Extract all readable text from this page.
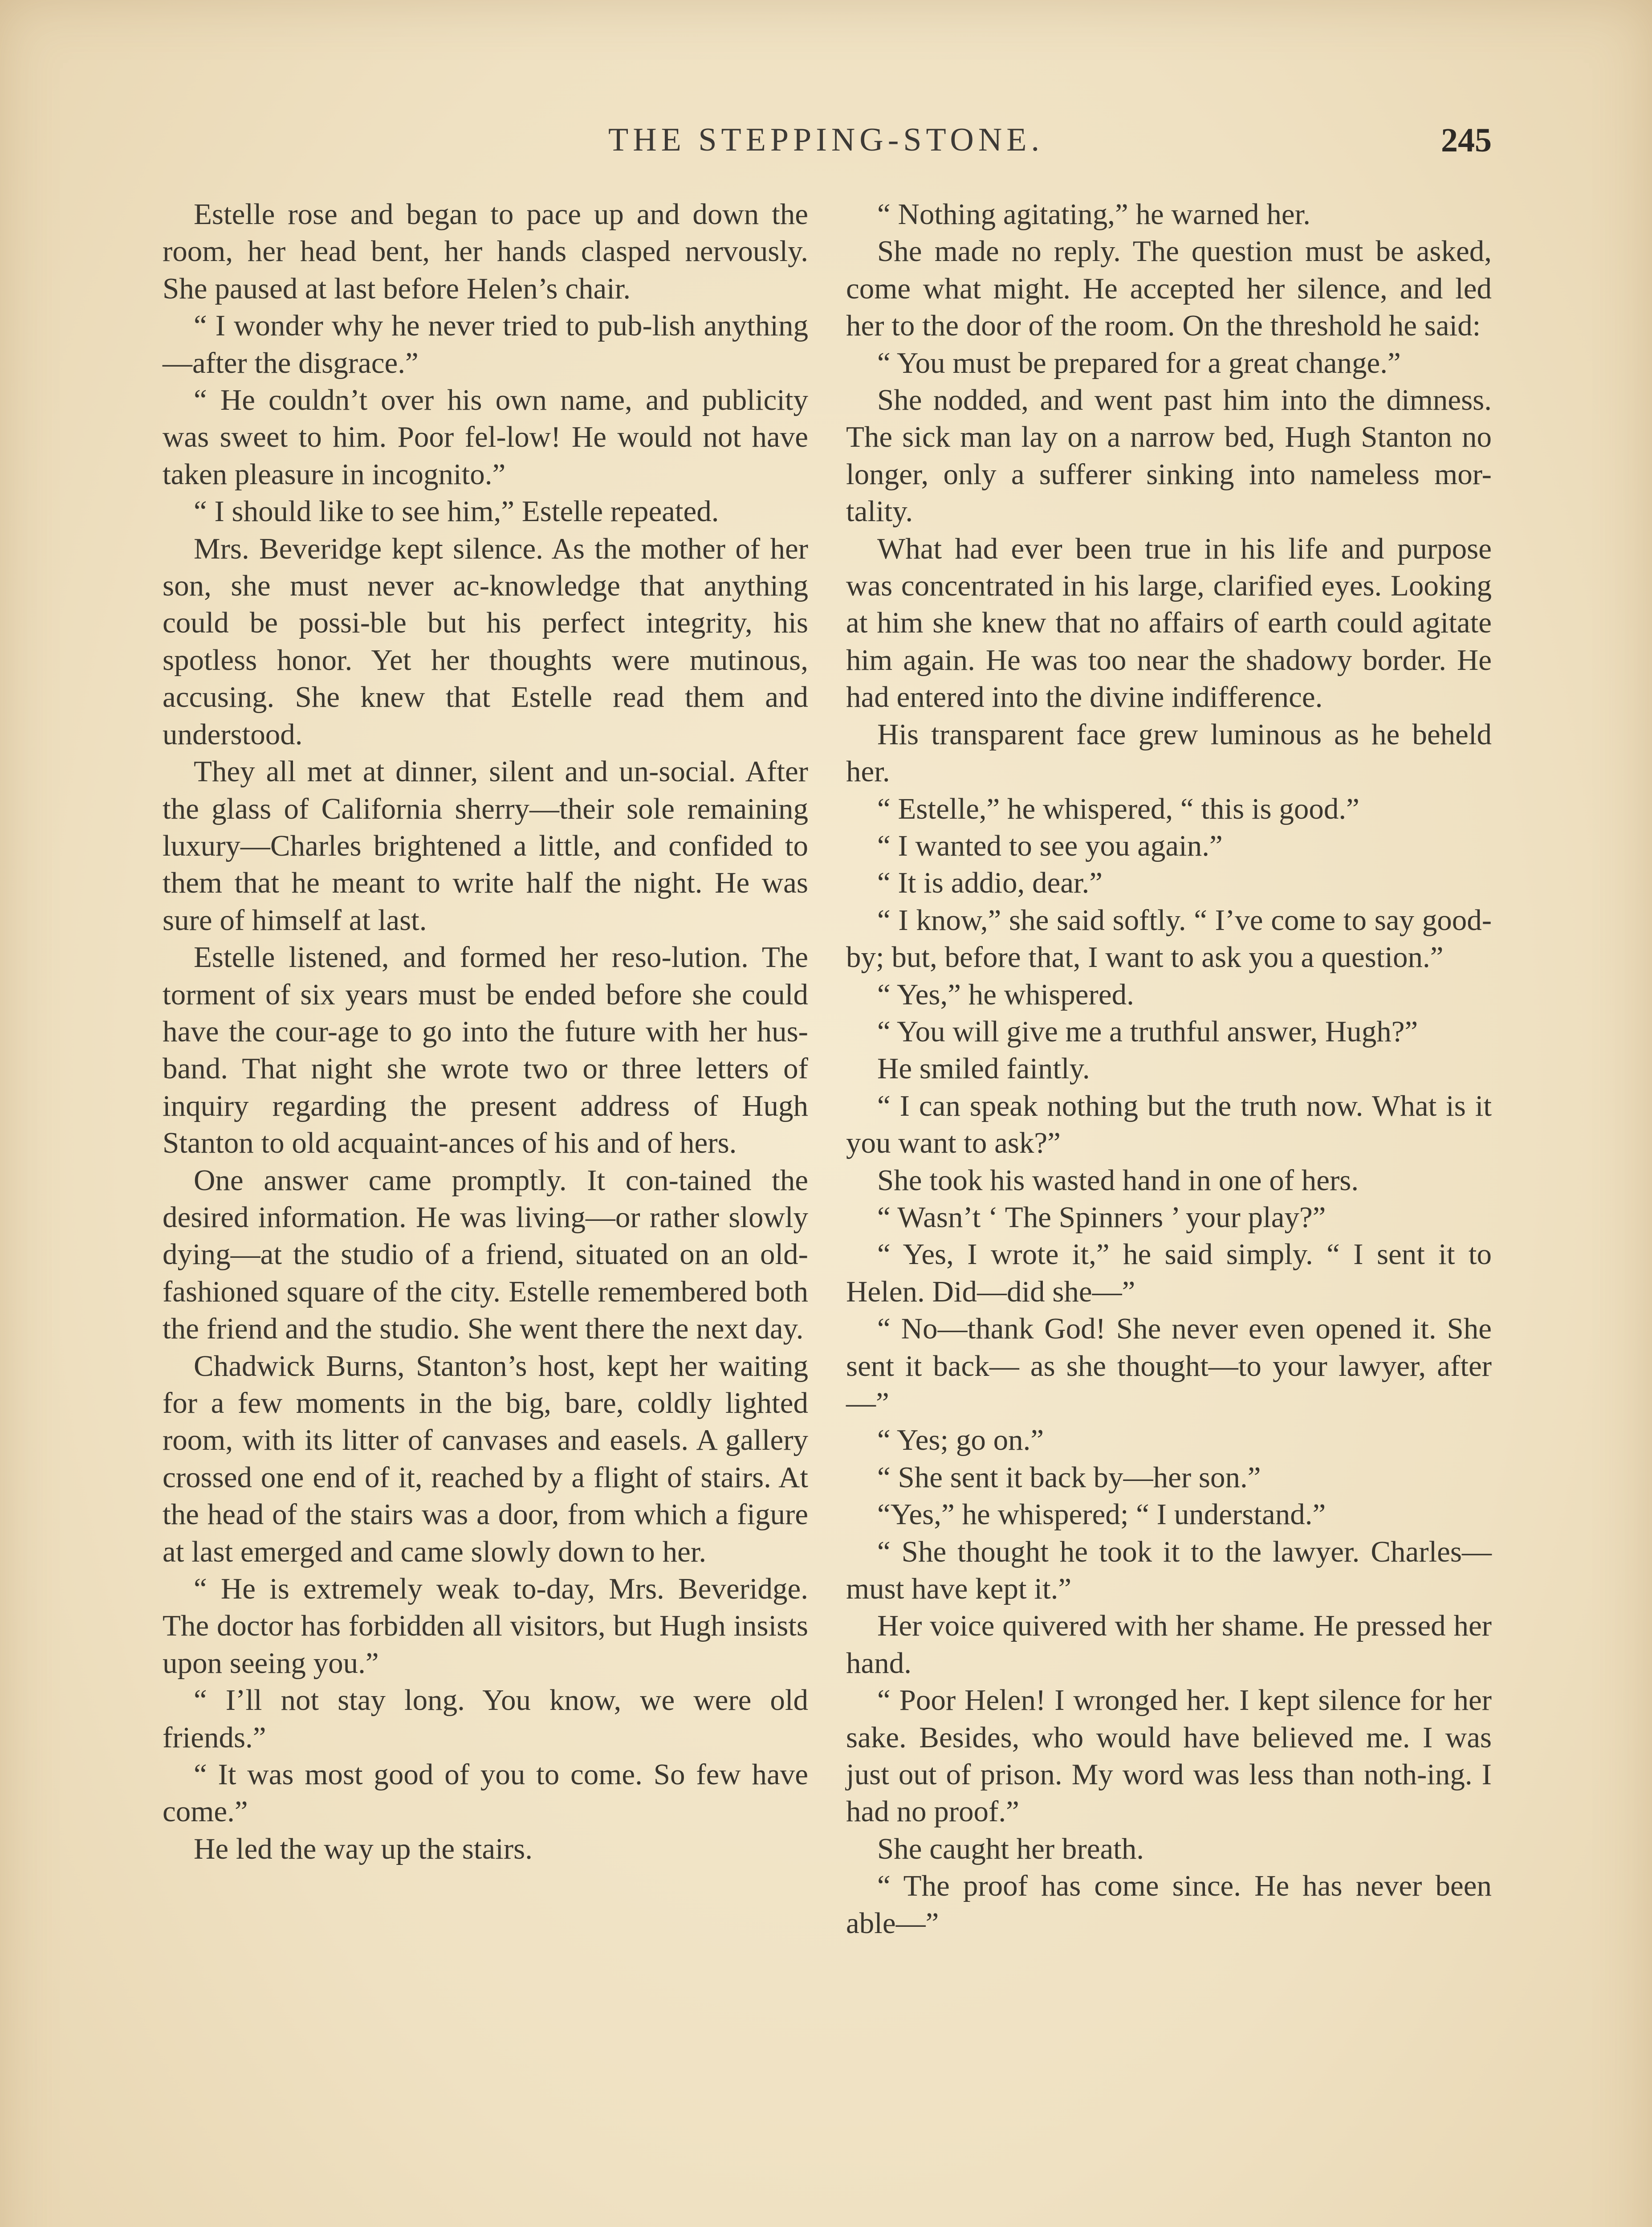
THE STEPPING-STONE.	245

Estelle rose and began to pace up and down the room, her head bent, her hands clasped nervously. She paused at last before Helen’s chair.

“ I wonder why he never tried to pub-lish anything—after the disgrace.”

“ He couldn’t over his own name, and publicity was sweet to him. Poor fel-low! He would not have taken pleasure in incognito.”

“ I should like to see him,” Estelle repeated.

Mrs. Beveridge kept silence. As the mother of her son, she must never ac-knowledge that anything could be possi-ble but his perfect integrity, his spotless honor. Yet her thoughts were mutinous, accusing. She knew that Estelle read them and understood.

They all met at dinner, silent and un-social. After the glass of California sherry—their sole remaining luxury—Charles brightened a little, and confided to them that he meant to write half the night. He was sure of himself at last.

Estelle listened, and formed her reso-lution. The torment of six years must be ended before she could have the cour-age to go into the future with her hus-band. That night she wrote two or three letters of inquiry regarding the present address of Hugh Stanton to old acquaint-ances of his and of hers.

One answer came promptly. It con-tained the desired information. He was living—or rather slowly dying—at the studio of a friend, situated on an old-fashioned square of the city. Estelle remembered both the friend and the studio. She went there the next day.

Chadwick Burns, Stanton’s host, kept her waiting for a few moments in the big, bare, coldly lighted room, with its litter of canvases and easels. A gallery crossed one end of it, reached by a flight of stairs. At the head of the stairs was a door, from which a figure at last emerged and came slowly down to her.

“ He is extremely weak to-day, Mrs. Beveridge. The doctor has forbidden all visitors, but Hugh insists upon seeing you.”

“ I’ll not stay long. You know, we were old friends.”

“ It was most good of you to come. So few have come.”

He led the way up the stairs.

“ Nothing agitating,” he warned her.

She made no reply. The question must be asked, come what might. He accepted her silence, and led her to the door of the room. On the threshold he said:

“ You must be prepared for a great change.”

She nodded, and went past him into the dimness. The sick man lay on a narrow bed, Hugh Stanton no longer, only a sufferer sinking into nameless mor-tality.

What had ever been true in his life and purpose was concentrated in his large, clarified eyes. Looking at him she knew that no affairs of earth could agitate him again. He was too near the shadowy border. He had entered into the divine indifference.

His transparent face grew luminous as he beheld her.

“ Estelle,” he whispered, “ this is good.”

“ I wanted to see you again.”

“ It is addio, dear.”

“ I know,” she said softly. “ I’ve come to say good-by; but, before that, I want to ask you a question.”

“ Yes,” he whispered.

“ You will give me a truthful answer, Hugh?”

He smiled faintly.

“ I can speak nothing but the truth now. What is it you want to ask?”

She took his wasted hand in one of hers.

“ Wasn’t ‘ The Spinners ’ your play?”

“ Yes, I wrote it,” he said simply. “ I sent it to Helen. Did—did she—”

“ No—thank God! She never even opened it. She sent it back— as she thought—to your lawyer, after—”

“ Yes; go on.”

“ She sent it back by—her son.”

“Yes,” he whispered; “ I understand.”

“ She thought he took it to the lawyer. Charles—must have kept it.”

Her voice quivered with her shame. He pressed her hand.

“ Poor Helen! I wronged her. I kept silence for her sake. Besides, who would have believed me. I was just out of prison. My word was less than noth-ing. I had no proof.”

She caught her breath.

“ The proof has come since. He has never been able—”
